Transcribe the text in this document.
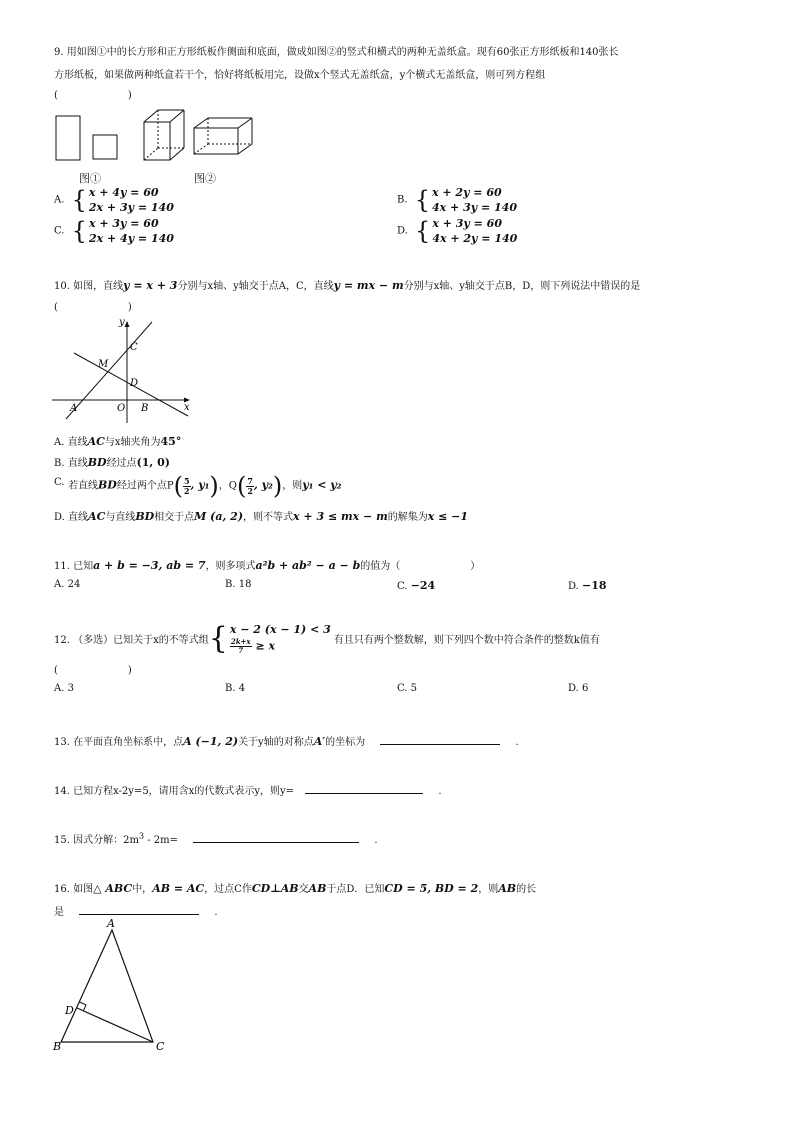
9. 用如图①中的长方形和正方形纸板作侧面和底面，做成如图②的竖式和横式的两种无盖纸盒。现有60张正方形纸板和140张长
方形纸板，如果做两种纸盒若干个，恰好将纸板用完，设做x个竖式无盖纸盒，y个横式无盖纸盒，则可列方程组
(　　　　　　　)
图①	图②
A. { x + 4y = 60
2x + 3y = 140
B. { x + 2y = 60
4x + 3y = 140
C. { x + 3y = 60
2x + 4y = 140
D. { x + 3y = 60
4x + 2y = 140
10. 如图，直线y = x + 3分别与x轴、y轴交于点A，C，直线y = mx − m分别与x轴、y轴交于点B，D，则下列说法中错误的是
(　　　　　　　)
y
x
C
M
D
A	O B
A. 直线AC与x轴夹角为45°
B. 直线BD经过点(1, 0)
C. 若直线BD经过两个点$P( \frac{5}{2}$ , y₁)，$Q( \frac{7}{2}$ , y₂)，则y₁ < y₂
D. 直线AC与直线BD相交于点M (a, 2)，则不等式x + 3 ≤ mx − m的解集为x ≤ −1
11. 已知a + b = −3, ab = 7，则多项式a²b + ab² − a − b的值为（　　　　　　　）
A. 24	B. 18	C. −24	D. −18
12. （多选）已知关于x的不等式组 { x − 2 (x − 1) < 3
$\frac{2k+x}{7} \ge x$	有且只有两个整数解，则下列四个数中符合条件的整数k值有
(　　　　　　　)
A. 3	B. 4	C. 5	D. 6
13. 在平面直角坐标系中，点A (−1, 2)关于y轴的对称点A′的坐标为	.
14. 已知方程x-2y=5，请用含x的代数式表示y，则y=	.
15. 因式分解：$2m^3 - 2m=$	.
16. 如图△ ABC中，AB = AC，过点C作CD⊥AB交AB于点D．已知CD = 5, BD = 2，则AB的长
是	.
A
D
B	C
